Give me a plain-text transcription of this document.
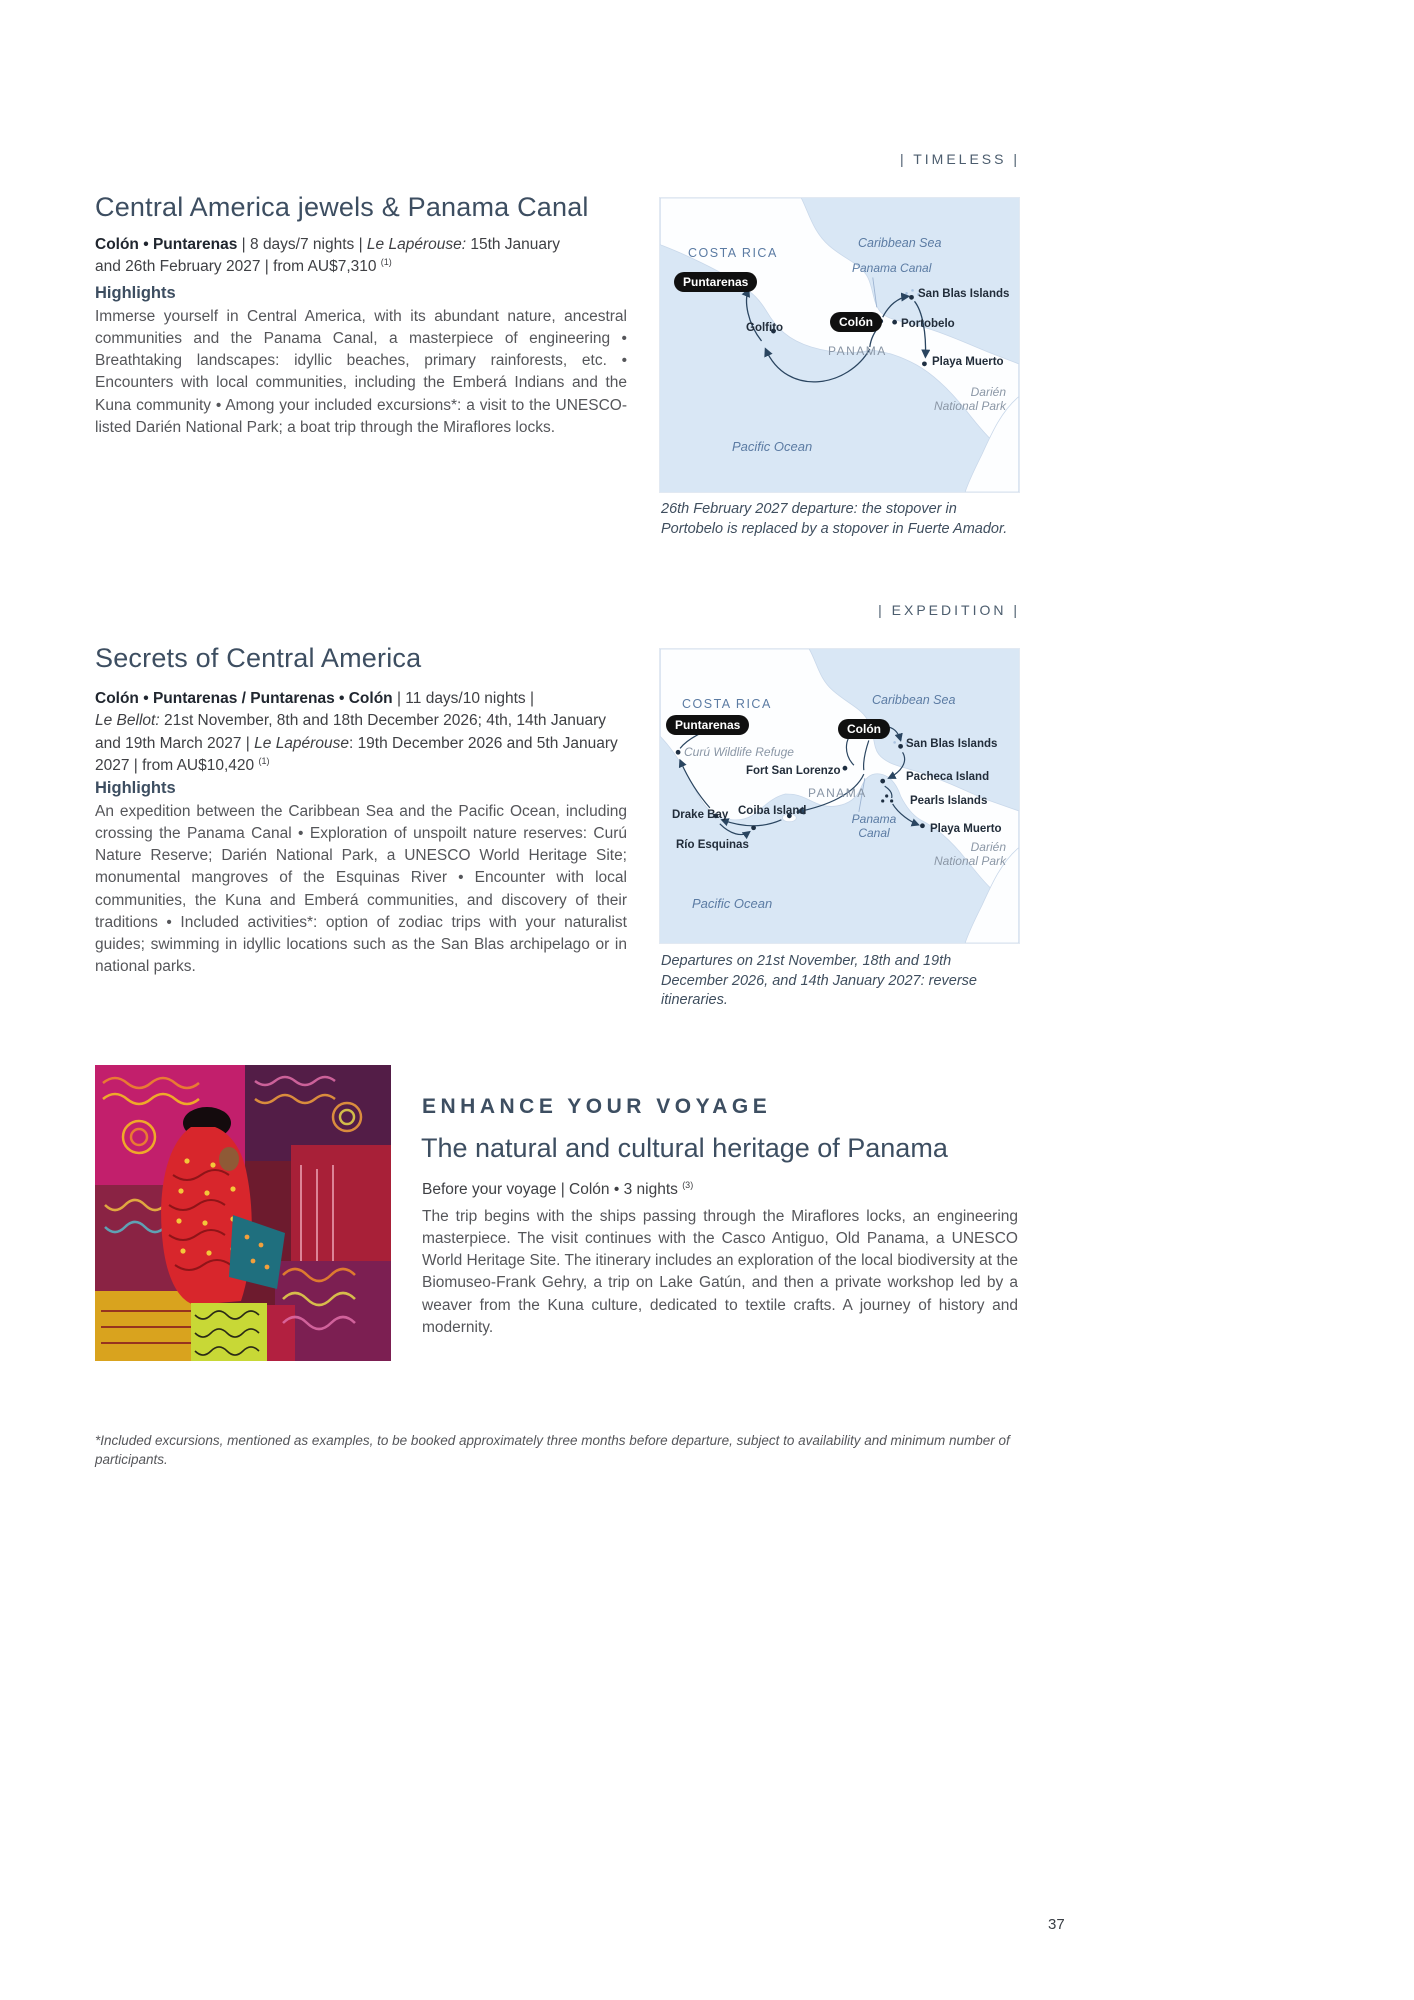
| TIMELESS |
Central America jewels & Panama Canal

Colón • Puntarenas | 8 days/7 nights | Le Lapérouse: 15th January and 26th February 2027 | from AU$7,310 $^{(1)}$

Highlights

Immerse yourself in Central America, with its abundant nature, ancestral communities and the Panama Canal, a masterpiece of engineering • Breathtaking landscapes: idyllic beaches, primary rainforests, etc. • Encounters with local communities, including the Emberá Indians and the Kuna community • Among your included excursions*: a visit to the UNESCO-listed Darién National Park; a boat trip through the Miraflores locks.

COSTA RICA
Caribbean Sea
Panama Canal
Puntarenas
San Blas Islands
Colón	Portobelo
Golfito
PANAMA
Playa Muerto
Darién
National Park
Pacific Ocean

26th February 2027 departure: the stopover in Portobelo is replaced by a stopover in Fuerte Amador.

| EXPEDITION |
Secrets of Central America

Colón • Puntarenas / Puntarenas • Colón | 11 days/10 nights |
Le Bellot: 21st November, 8th and 18th December 2026; 4th, 14th January and 19th March 2027 | Le Lapérouse: 19th December 2026 and 5th January 2027 | from AU$10,420 $^{(1)}$

Highlights

An expedition between the Caribbean Sea and the Pacific Ocean, including crossing the Panama Canal • Exploration of unspoilt nature reserves: Curú Nature Reserve; Darién National Park, a UNESCO World Heritage Site; monumental mangroves of the Esquinas River • Encounter with local communities, the Kuna and Emberá communities, and discovery of their traditions • Included activities*: option of zodiac trips with your naturalist guides; swimming in idyllic locations such as the San Blas archipelago or in national parks.

COSTA RICA	Caribbean Sea
Puntarenas	Colón
San Blas Islands
Curú Wildlife Refuge
Fort San Lorenzo	Pacheca Island
PANAMA
Pearls Islands
Drake Bay Coiba Island
Panama
Canal	Playa Muerto
Río Esquinas	Darién
National Park
Pacific Ocean

Departures on 21st November, 18th and 19th December 2026, and 14th January 2027: reverse itineraries.

ENHANCE YOUR VOYAGE
The natural and cultural heritage of Panama

Before your voyage | Colón • 3 nights $^{(3)}$

The trip begins with the ships passing through the Miraflores locks, an engineering masterpiece. The visit continues with the Casco Antiguo, Old Panama, a UNESCO World Heritage Site. The itinerary includes an exploration of the local biodiversity at the Biomuseo-Frank Gehry, a trip on Lake Gatún, and then a private workshop led by a weaver from the Kuna culture, dedicated to textile crafts. A journey of history and modernity.

*Included excursions, mentioned as examples, to be booked approximately three months before departure, subject to availability and minimum number of participants.

37
